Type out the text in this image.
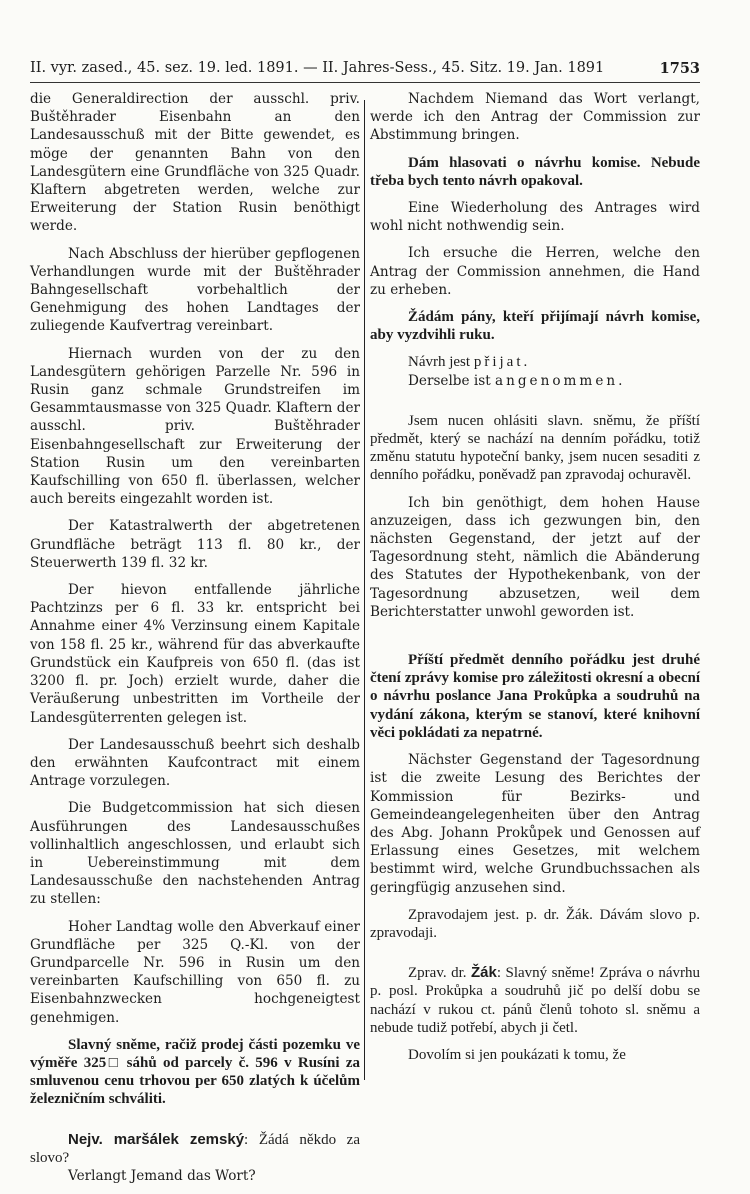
II. vyr. zased., 45. sez. 19. led. 1891. — II. Jahres-Sess., 45. Sitz. 19. Jan. 1891	1753

die Generaldirection der ausschl. priv. Buštěhrader Eisenbahn an den Landesausschuß mit der Bitte gewendet, es möge der genannten Bahn von den Landesgütern eine Grundfläche von 325 Quadr. Klaftern abgetreten werden, welche zur Erweiterung der Station Rusin benöthigt werde.

Nach Abschluss der hierüber gepflogenen Verhandlungen wurde mit der Buštěhrader Bahngesellschaft vorbehaltlich der Genehmigung des hohen Landtages der zuliegende Kaufvertrag vereinbart.

Hiernach wurden von der zu den Landesgütern gehörigen Parzelle Nr. 596 in Rusin ganz schmale Grundstreifen im Gesammtausmasse von 325 Quadr. Klaftern der ausschl. priv. Buštěhrader Eisenbahngesellschaft zur Erweiterung der Station Rusin um den vereinbarten Kaufschilling von 650 fl. überlassen, welcher auch bereits eingezahlt worden ist.

Der Katastralwerth der abgetretenen Grundfläche beträgt 113 fl. 80 kr., der Steuerwerth 139 fl. 32 kr.

Der hievon entfallende jährliche Pachtzinzs per 6 fl. 33 kr. entspricht bei Annahme einer 4% Verzinsung einem Kapitale von 158 fl. 25 kr., während für das abverkaufte Grundstück ein Kaufpreis von 650 fl. (das ist 3200 fl. pr. Joch) erzielt wurde, daher die Veräußerung unbestritten im Vortheile der Landesgüterrenten gelegen ist.

Der Landesausschuß beehrt sich deshalb den erwähnten Kaufcontract mit einem Antrage vorzulegen.

Die Budgetcommission hat sich diesen Ausführungen des Landesausschußes vollinhaltlich angeschlossen, und erlaubt sich in Uebereinstimmung mit dem Landesausschuße den nachstehenden Antrag zu stellen:

Hoher Landtag wolle den Abverkauf einer Grundfläche per 325 Q.-Kl. von der Grundparcelle Nr. 596 in Rusin um den vereinbarten Kaufschilling von 650 fl. zu Eisenbahnzwecken hochgeneigtest genehmigen.

Slavný sněme, račiž prodej části pozemku ve výměře 325□ sáhů od parcely č. 596 v Rusíni za smluvenou cenu trhovou per 650 zlatých k účelům železničním schváliti.

Nejv. maršálek zemský: Žádá někdo za slovo?

Verlangt Jemand das Wort?

Nachdem Niemand das Wort verlangt, werde ich den Antrag der Commission zur Abstimmung bringen.

Dám hlasovati o návrhu komise. Nebude třeba bych tento návrh opakoval.

Eine Wiederholung des Antrages wird wohl nicht nothwendig sein.

Ich ersuche die Herren, welche den Antrag der Commission annehmen, die Hand zu erheben.

Žádám pány, kteří přijímají návrh komise, aby vyzdvihli ruku.

Návrh jest přijat.

Derselbe ist angenommen.

Jsem nucen ohlásiti slavn. sněmu, že příští předmět, který se nachází na denním pořádku, totiž změnu statutu hypoteční banky, jsem nucen sesaditi z denního pořádku, poněvadž pan zpravodaj ochuravěl.

Ich bin genöthigt, dem hohen Hause anzuzeigen, dass ich gezwungen bin, den nächsten Gegenstand, der jetzt auf der Tagesordnung steht, nämlich die Abänderung des Statutes der Hypothekenbank, von der Tagesordnung abzusetzen, weil dem Berichterstatter unwohl geworden ist.

Příští předmět denního pořádku jest druhé čtení zprávy komise pro záležitosti okresní a obecní o návrhu poslance Jana Prokůpka a soudruhů na vydání zákona, kterým se stanoví, které knihovní věci pokládati za nepatrné.

Nächster Gegenstand der Tagesordnung ist die zweite Lesung des Berichtes der Kommission für Bezirks- und Gemeindeangelegenheiten über den Antrag des Abg. Johann Prokůpek und Genossen auf Erlassung eines Gesetzes, mit welchem bestimmt wird, welche Grundbuchssachen als geringfügig anzusehen sind.

Zpravodajem jest. p. dr. Žák. Dávám slovo p. zpravodaji.

Zprav. dr. Žák: Slavný sněme! Zpráva o návrhu p. posl. Prokůpka a soudruhů jič po delší dobu se nachází v rukou ct. pánů členů tohoto sl. sněmu a nebude tudiž potřebí, abych ji četl.

Dovolím si jen poukázati k tomu, že
